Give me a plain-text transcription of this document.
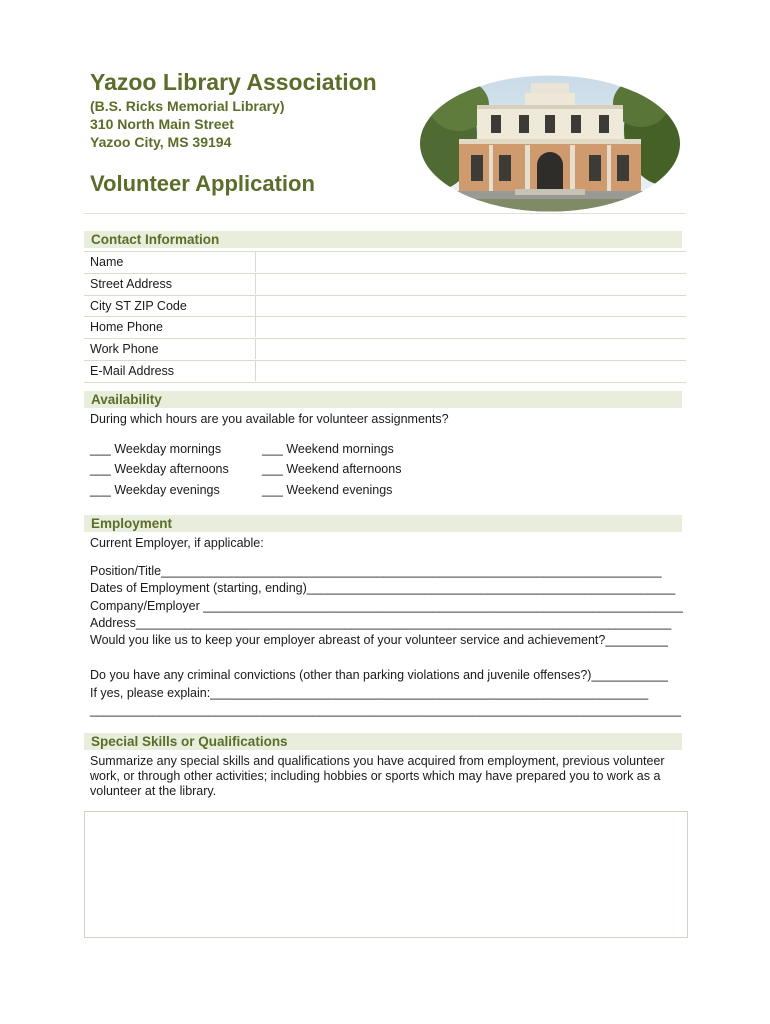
Yazoo Library Association
(B.S. Ricks Memorial Library)
310 North Main Street
Yazoo City, MS 39194
Volunteer Application
Contact Information
Name
Street Address
City ST ZIP Code
Home Phone
Work Phone
E-Mail Address
Availability
During which hours are you available for volunteer assignments?
___ Weekday mornings
___ Weekday afternoons
___ Weekday evenings
___ Weekend mornings
___ Weekend afternoons
___ Weekend evenings
Employment
Current Employer, if applicable:
Position/Title________________________________________________________________________
Dates of Employment (starting, ending)_____________________________________________________
Company/Employer _____________________________________________________________________
Address_____________________________________________________________________________
Would you like us to keep your employer abreast of your volunteer service and achievement?_________
Do you have any criminal convictions (other than parking violations and juvenile offenses?)___________
If yes, please explain:_______________________________________________________________
_____________________________________________________________________________________
Special Skills or Qualifications
Summarize any special skills and qualifications you have acquired from employment, previous volunteer
work, or through other activities; including hobbies or sports which may have prepared you to work as a
volunteer at the library.
